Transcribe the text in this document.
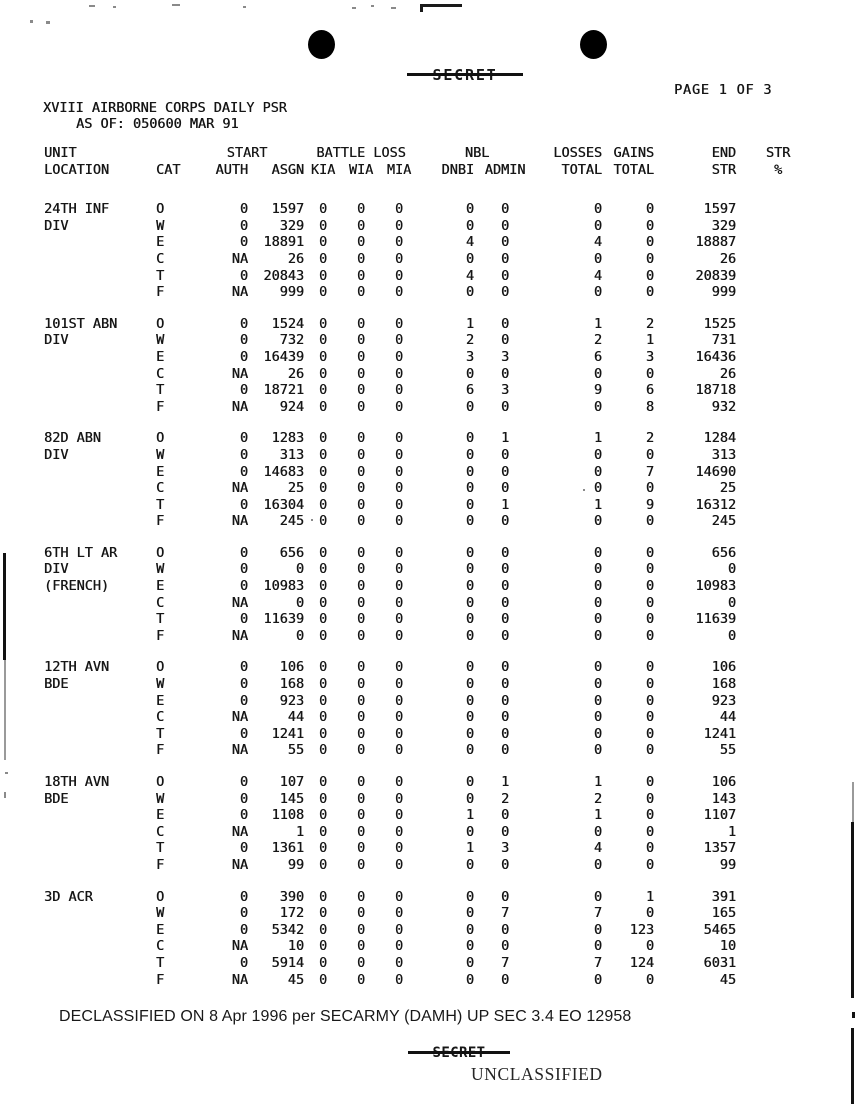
PAGE 1 OF 3
XVIII AIRBORNE CORPS DAILY PSR
AS OF: 050600 MAR 91
UNIT		START		BATTLE LOSS			NBL		LOSSES	GAINS	END	STR
LOCATION	CAT	AUTH	ASGN	KIA	WIA	MIA	DNBI	ADMIN	TOTAL	TOTAL	STR	%

24TH INF	O	0	1597	0	0	0	0	0	0	0	1597	
DIV	W	0	329	0	0	0	0	0	0	0	329	
	E	0	18891	0	0	0	4	0	4	0	18887	
	C	NA	26	0	0	0	0	0	0	0	26	
	T	0	20843	0	0	0	4	0	4	0	20839	
	F	NA	999	0	0	0	0	0	0	0	999	

101ST ABN	O	0	1524	0	0	0	1	0	1	2	1525	
DIV	W	0	732	0	0	0	2	0	2	1	731	
	E	0	16439	0	0	0	3	3	6	3	16436	
	C	NA	26	0	0	0	0	0	0	0	26	
	T	0	18721	0	0	0	6	3	9	6	18718	
	F	NA	924	0	0	0	0	0	0	8	932	

82D ABN	O	0	1283	0	0	0	0	1	1	2	1284	
DIV	W	0	313	0	0	0	0	0	0	0	313	
	E	0	14683	0	0	0	0	0	0	7	14690	
	C	NA	25	0	0	0	0	0	0	0	25	
	T	0	16304	0	0	0	0	1	1	9	16312	
	F	NA	245	0	0	0	0	0	0	0	245	

6TH LT AR	O	0	656	0	0	0	0	0	0	0	656	
DIV	W	0	0	0	0	0	0	0	0	0	0	
(FRENCH)	E	0	10983	0	0	0	0	0	0	0	10983	
	C	NA	0	0	0	0	0	0	0	0	0	
	T	0	11639	0	0	0	0	0	0	0	11639	
	F	NA	0	0	0	0	0	0	0	0	0	

12TH AVN	O	0	106	0	0	0	0	0	0	0	106	
BDE	W	0	168	0	0	0	0	0	0	0	168	
	E	0	923	0	0	0	0	0	0	0	923	
	C	NA	44	0	0	0	0	0	0	0	44	
	T	0	1241	0	0	0	0	0	0	0	1241	
	F	NA	55	0	0	0	0	0	0	0	55	

18TH AVN	O	0	107	0	0	0	0	1	1	0	106	
BDE	W	0	145	0	0	0	0	2	2	0	143	
	E	0	1108	0	0	0	1	0	1	0	1107	
	C	NA	1	0	0	0	0	0	0	0	1	
	T	0	1361	0	0	0	1	3	4	0	1357	
	F	NA	99	0	0	0	0	0	0	0	99	

3D ACR	O	0	390	0	0	0	0	0	0	1	391	
	W	0	172	0	0	0	0	7	7	0	165	
	E	0	5342	0	0	0	0	0	0	123	5465	
	C	NA	10	0	0	0	0	0	0	0	10	
	T	0	5914	0	0	0	0	7	7	124	6031	
	F	NA	45	0	0	0	0	0	0	0	45	
DECLASSIFIED ON 8 Apr 1996 per SECARMY (DAMH) UP SEC 3.4 EO 12958
UNCLASSIFIED
